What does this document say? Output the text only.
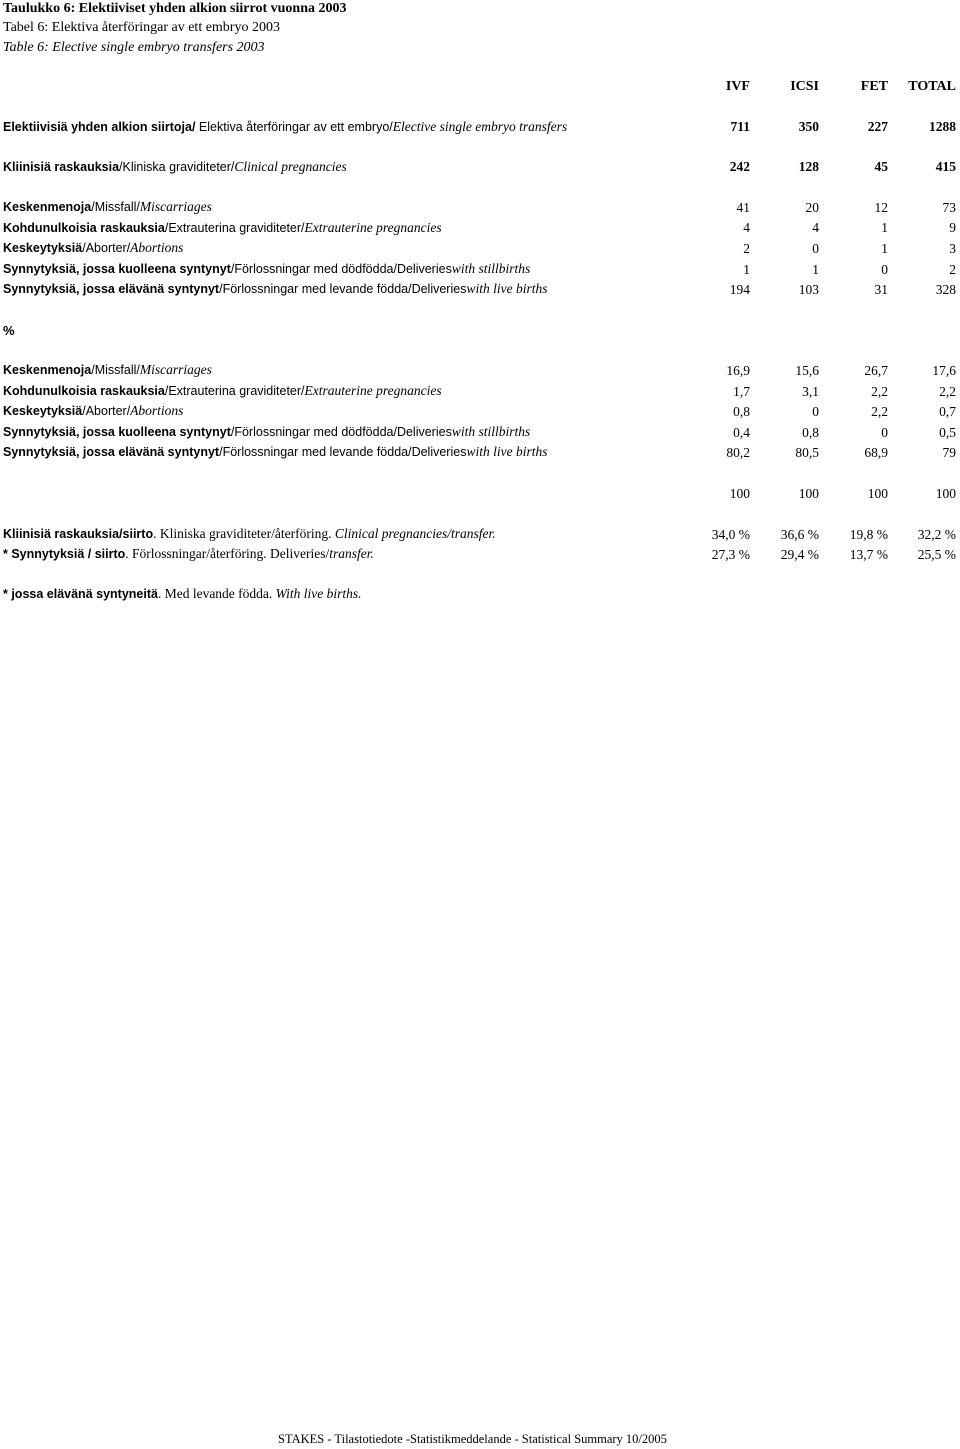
Taulukko 6: Elektiiviset yhden alkion siirrot vuonna 2003
Tabel 6: Elektiva återföringar av ett embryo 2003
Table 6: Elective single embryo transfers 2003
IVF	ICSI	FET	TOTAL
Elektiivisiä yhden alkion siirtoja/ Elektiva återföringar av ett embryo/Elective single embryo transfers	711	350	227	1288
Kliinisiä raskauksia/Kliniska graviditeter/Clinical pregnancies	242	128	45	415
Keskenmenoja/Missfall/Miscarriages	41	20	12	73
Kohdunulkoisia raskauksia/Extrauterina graviditeter/Extrauterine pregnancies	4	4	1	9
Keskeytyksiä/Aborter/Abortions	2	0	1	3
Synnytyksiä, jossa kuolleena syntynyt/Förlossningar med dödfödda/Deliverieswith stillbirths	1	1	0	2
Synnytyksiä, jossa elävänä syntynyt/Förlossningar med levande födda/Deliverieswith live births	194	103	31	328
%
Keskenmenoja/Missfall/Miscarriages	16,9	15,6	26,7	17,6
Kohdunulkoisia raskauksia/Extrauterina graviditeter/Extrauterine pregnancies	1,7	3,1	2,2	2,2
Keskeytyksiä/Aborter/Abortions	0,8	0	2,2	0,7
Synnytyksiä, jossa kuolleena syntynyt/Förlossningar med dödfödda/Deliverieswith stillbirths	0,4	0,8	0	0,5
Synnytyksiä, jossa elävänä syntynyt/Förlossningar med levande födda/Deliverieswith live births	80,2	80,5	68,9	79
100	100	100	100
Kliinisiä raskauksia/siirto. Kliniska graviditeter/återföring. Clinical pregnancies/transfer.	34,0 %	36,6 %	19,8 %	32,2 %
* Synnytyksiä / siirto. Förlossningar/återföring. Deliveries/transfer.	27,3 %	29,4 %	13,7 %	25,5 %
* jossa elävänä syntyneitä. Med levande födda. With live births.
STAKES - Tilastotiedote -Statistikmeddelande - Statistical Summary 10/2005
